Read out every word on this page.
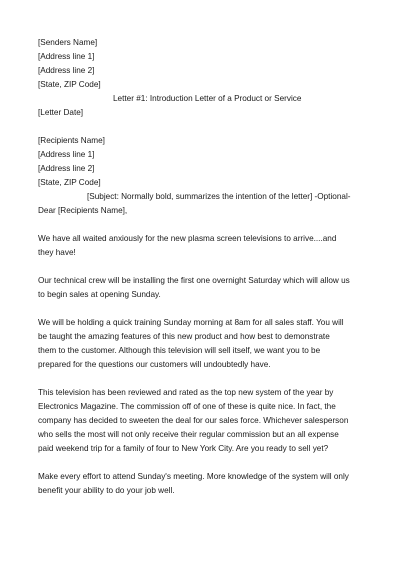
[Senders Name]
[Address line 1]
[Address line 2]
[State, ZIP Code]
Letter #1: Introduction Letter of a Product or Service
[Letter Date]
[Recipients Name]
[Address line 1]
[Address line 2]
[State, ZIP Code]
[Subject: Normally bold, summarizes the intention of the letter] -Optional-
Dear [Recipients Name],

We have all waited anxiously for the new plasma screen televisions to arrive....and they have!

Our technical crew will be installing the first one overnight Saturday which will allow us to begin sales at opening Sunday.

We will be holding a quick training Sunday morning at 8am for all sales staff. You will be taught the amazing features of this new product and how best to demonstrate them to the customer. Although this television will sell itself, we want you to be prepared for the questions our customers will undoubtedly have.

This television has been reviewed and rated as the top new system of the year by Electronics Magazine. The commission off of one of these is quite nice. In fact, the company has decided to sweeten the deal for our sales force. Whichever salesperson who sells the most will not only receive their regular commission but an all expense paid weekend trip for a family of four to New York City. Are you ready to sell yet?

Make every effort to attend Sunday's meeting. More knowledge of the system will only benefit your ability to do your job well.
